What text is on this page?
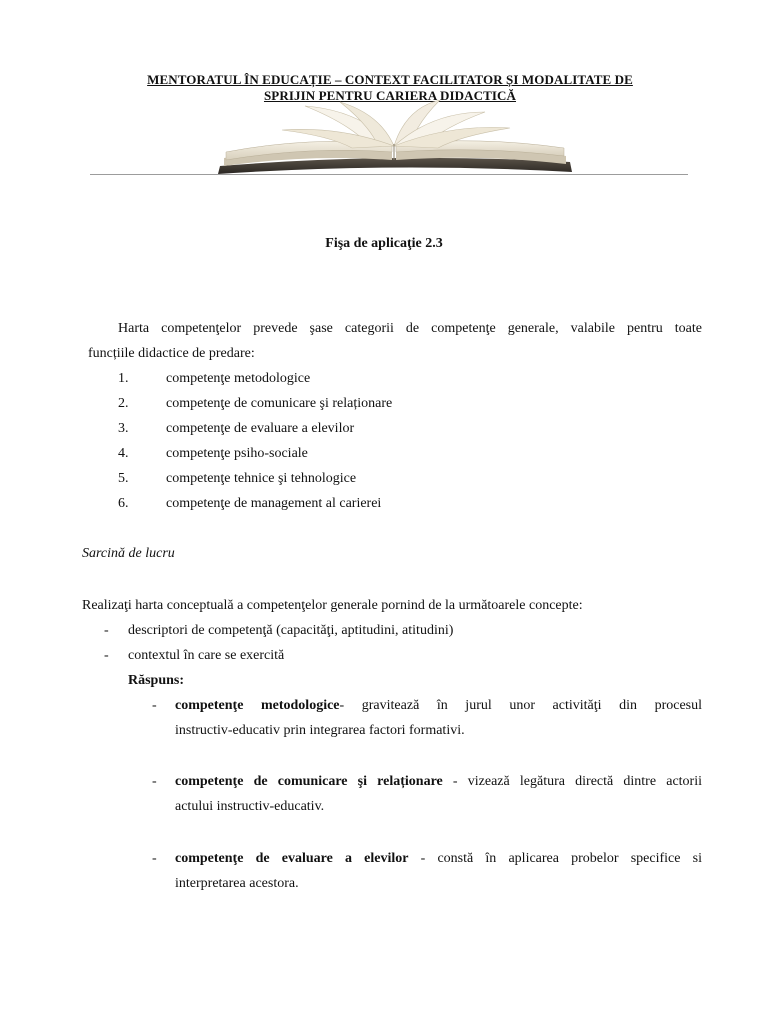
MENTORATUL ÎN EDUCAȚIE – CONTEXT FACILITATOR ȘI MODALITATE DE
SPRIJIN PENTRU CARIERA DIDACTICĂ
Fişa de aplicaţie 2.3
Harta competenţelor prevede şase categorii de competenţe generale, valabile pentru toate
funcțiile didactice de predare:
1.	competenţe metodologice
2.	competenţe de comunicare şi relaționare
3.	competenţe de evaluare a elevilor
4.	competenţe psiho-sociale
5.	competenţe tehnice şi tehnologice
6.	competenţe de management al carierei
Sarcină de lucru
Realizaţi harta conceptuală a competenţelor generale pornind de la următoarele concepte:
- descriptori de competenţă (capacităţi, aptitudini, atitudini)
- contextul în care se exercită
Răspuns:
- competenţe metodologice- gravitează în jurul unor activităţi din procesul
instructiv-educativ prin integrarea factori formativi.
- competenţe de comunicare şi relaționare - vizează legătura directă dintre actorii
actului instructiv-educativ.
- competenţe de evaluare a elevilor - constă în aplicarea probelor specifice si
interpretarea acestora.
